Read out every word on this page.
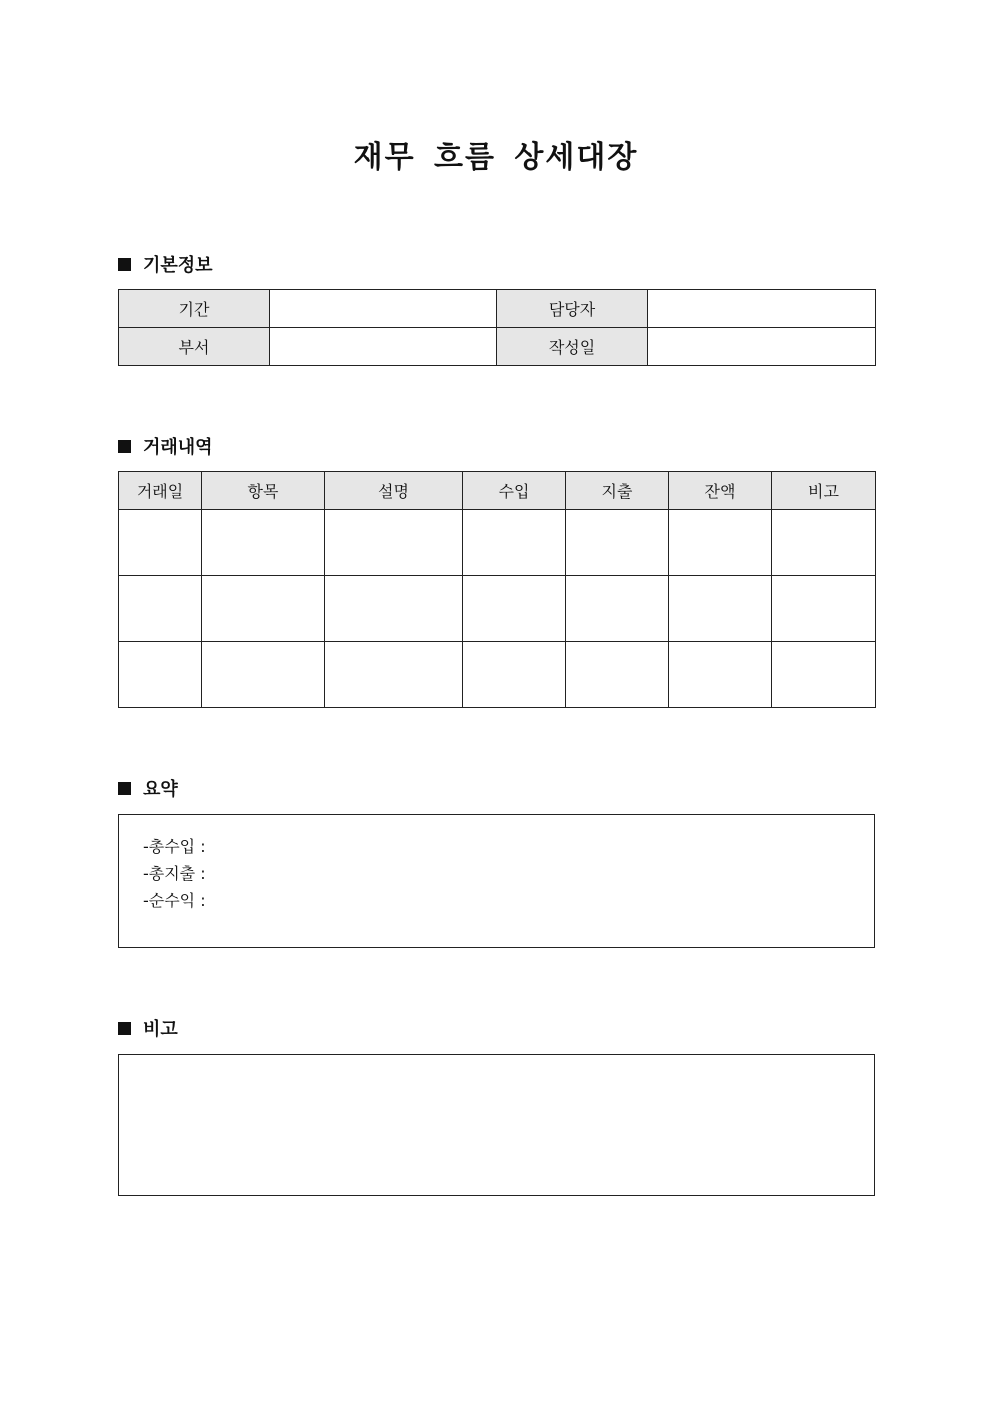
재무 흐름 상세대장
기본정보
기간		담당자	
부서		작성일	
거래내역
거래일	항목	설명	수입	지출	잔액	비고

요약
-총수입 :
-총지출 :
-순수익 :
비고
